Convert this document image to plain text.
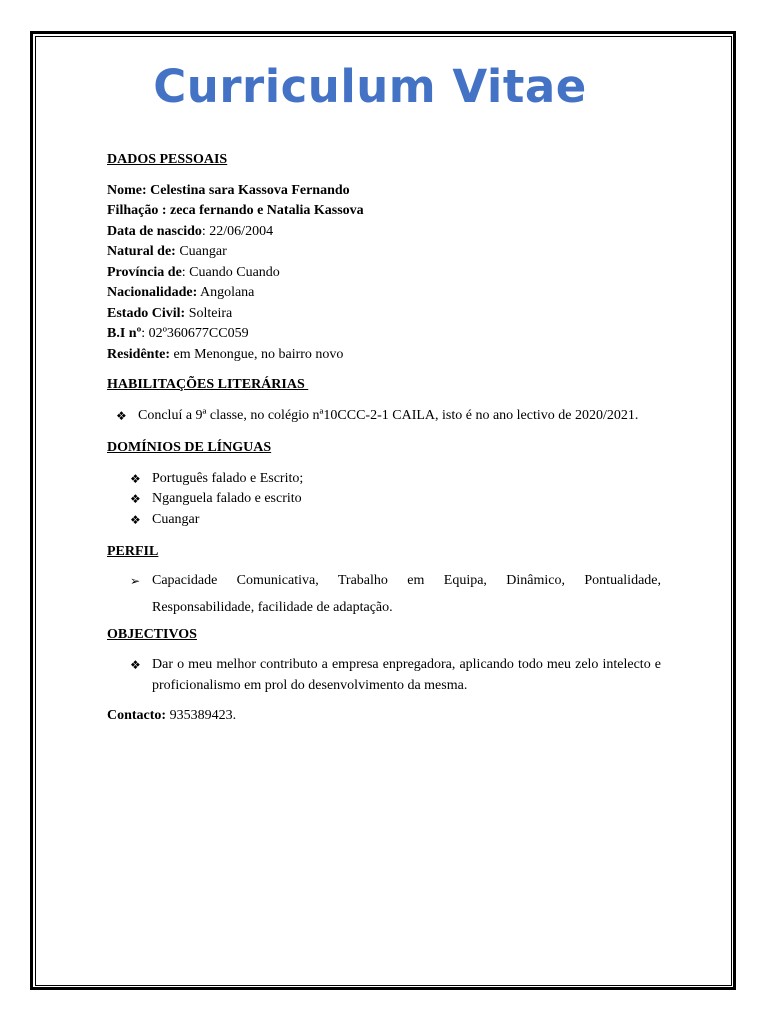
Curriculum Vitae

DADOS PESSOAIS

Nome: Celestina sara Kassova Fernando

Filhação : zeca fernando e Natalia Kassova

Data de nascido: 22/06/2004

Natural de: Cuangar

Província de: Cuando Cuando

Nacionalidade: Angolana

Estado Civil: Solteira

B.I nº: 02º360677CC059

Residênte: em Menongue, no bairro novo

HABILITAÇÕES LITERÁRIAS

❖ Concluí a 9ª classe, no colégio nª10CCC-2-1 CAILA, isto é no ano lectivo de 2020/2021.

DOMÍNIOS DE LÍNGUAS

❖ Português falado e Escrito;
❖ Nganguela falado e escrito
❖ Cuangar

PERFIL

➢ Capacidade Comunicativa, Trabalho em Equipa, Dinâmico, Pontualidade, Responsabilidade, facilidade de adaptação.

OBJECTIVOS

❖ Dar o meu melhor contributo a empresa enpregadora, aplicando todo meu zelo intelecto e proficionalismo em prol do desenvolvimento da mesma.

Contacto: 935389423.
